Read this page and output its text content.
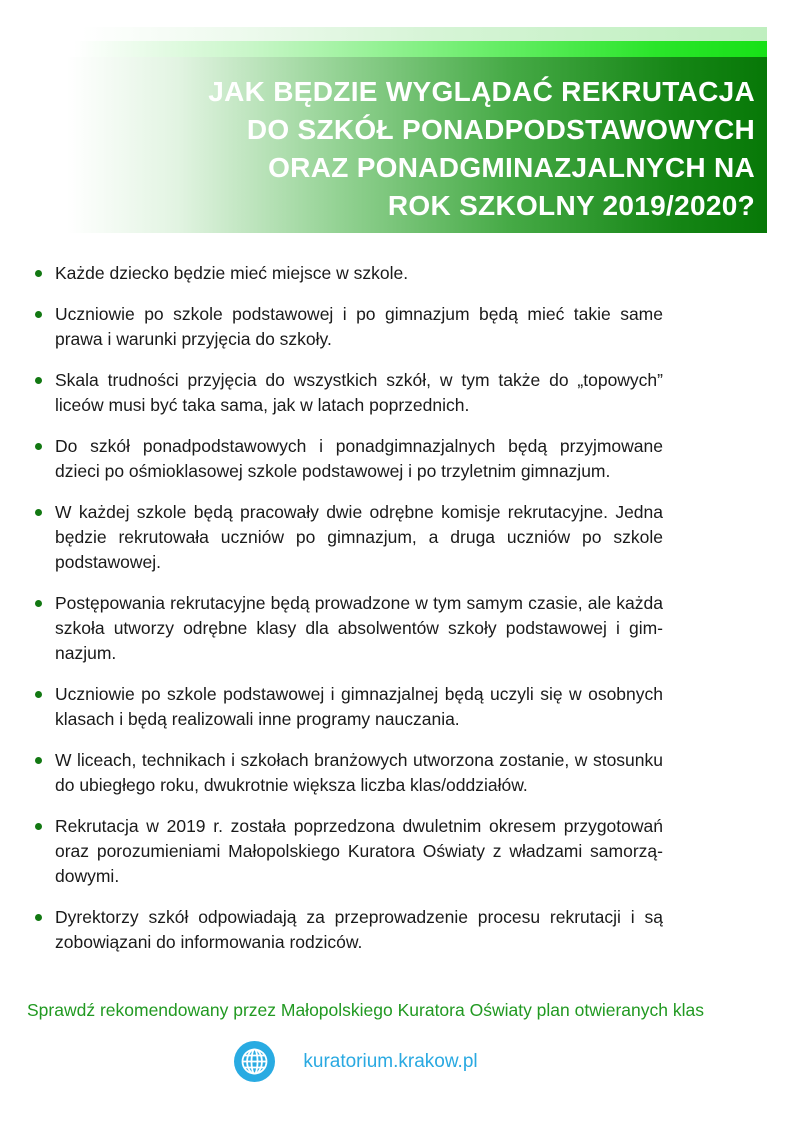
JAK BĘDZIE WYGLĄDAĆ REKRUTACJA
DO SZKÓŁ PONADPODSTAWOWYCH
ORAZ PONADGMINAZJALNYCH NA
ROK SZKOLNY 2019/2020?
Każde dziecko będzie mieć miejsce w szkole.
Uczniowie po szkole podstawowej i po gimnazjum będą mieć takie same prawa i warunki przyjęcia do szkoły.
Skala trudności przyjęcia do wszystkich szkół, w tym także do „topowych” liceów musi być taka sama, jak w latach poprzednich.
Do szkół ponadpodstawowych i ponadgimnazjalnych będą przyjmowane dzieci po ośmioklasowej szkole podstawowej i po trzyletnim gimnazjum.
W każdej szkole będą pracowały dwie odrębne komisje rekrutacyjne. Jedna będzie rekrutowała uczniów po gimnazjum, a druga uczniów po szkole podstawowej.
Postępowania rekrutacyjne będą prowadzone w tym samym czasie, ale każda szkoła utworzy odrębne klasy dla absolwentów szkoły podstawowej i gimnazjum.
Uczniowie po szkole podstawowej i gimnazjalnej będą uczyli się w osobnych klasach i będą realizowali inne programy nauczania.
W liceach, technikach i szkołach branżowych utworzona zostanie, w stosunku do ubiegłego roku, dwukrotnie większa liczba klas/oddziałów.
Rekrutacja w 2019 r. została poprzedzona dwuletnim okresem przygotowań oraz porozumieniami Małopolskiego Kuratora Oświaty z władzami samorządowymi.
Dyrektorzy szkół odpowiadają za przeprowadzenie procesu rekrutacji i są zobowiązani do informowania rodziców.
Sprawdź rekomendowany przez Małopolskiego Kuratora Oświaty plan otwieranych klas
kuratorium.krakow.pl
